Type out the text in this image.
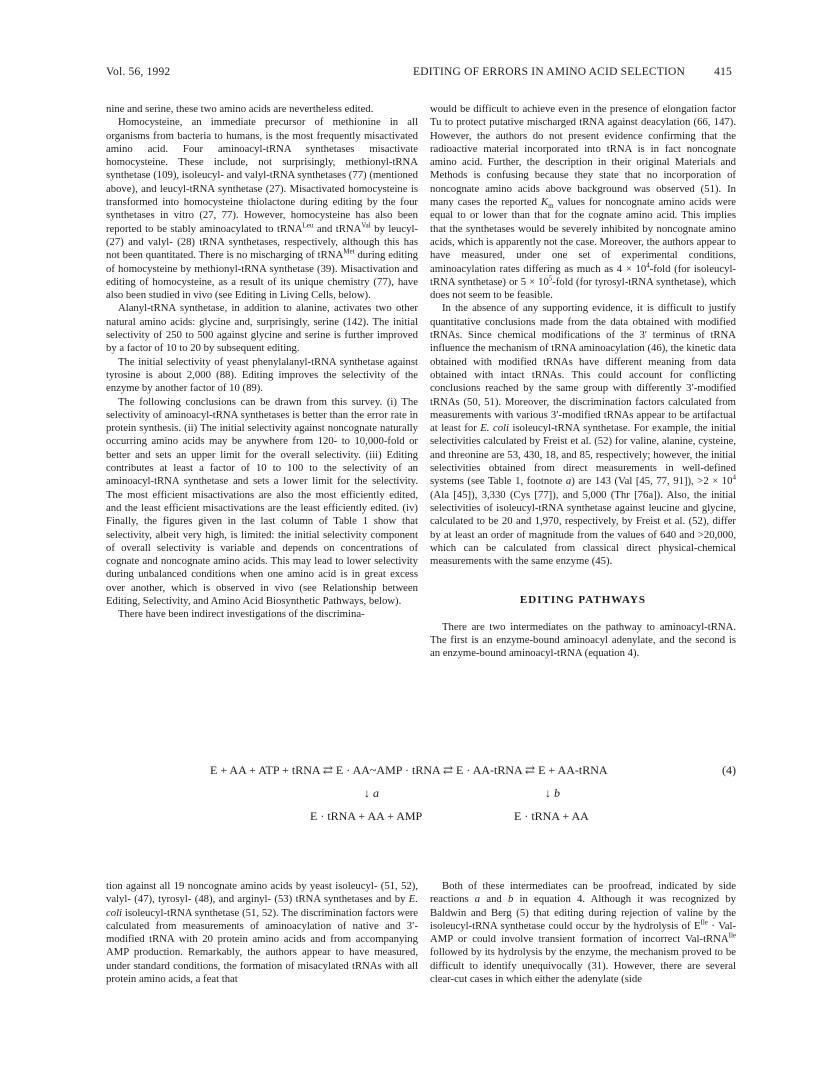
Vol. 56, 1992	EDITING OF ERRORS IN AMINO ACID SELECTION	415

nine and serine, these two amino acids are nevertheless edited.

Homocysteine, an immediate precursor of methionine in all organisms from bacteria to humans, is the most frequently misactivated amino acid. Four aminoacyl-tRNA synthetases misactivate homocysteine. These include, not surprisingly, methionyl-tRNA synthetase (109), isoleucyl- and valyl-tRNA synthetases (77) (mentioned above), and leucyl-tRNA synthetase (27). Misactivated homocysteine is transformed into homocysteine thiolactone during editing by the four synthetases in vitro (27, 77). However, homocysteine has also been reported to be stably aminoacylated to tRNA$^{Leu}$ and tRNA$^{Val}$ by leucyl- (27) and valyl- (28) tRNA synthetases, respectively, although this has not been quantitated. There is no mischarging of tRNA$^{Met}$ during editing of homocysteine by methionyl-tRNA synthetase (39). Misactivation and editing of homocysteine, as a result of its unique chemistry (77), have also been studied in vivo (see Editing in Living Cells, below).

Alanyl-tRNA synthetase, in addition to alanine, activates two other natural amino acids: glycine and, surprisingly, serine (142). The initial selectivity of 250 to 500 against glycine and serine is further improved by a factor of 10 to 20 by subsequent editing.

The initial selectivity of yeast phenylalanyl-tRNA synthetase against tyrosine is about 2,000 (88). Editing improves the selectivity of the enzyme by another factor of 10 (89).

The following conclusions can be drawn from this survey. (i) The selectivity of aminoacyl-tRNA synthetases is better than the error rate in protein synthesis. (ii) The initial selectivity against noncognate naturally occurring amino acids may be anywhere from 120- to 10,000-fold or better and sets an upper limit for the overall selectivity. (iii) Editing contributes at least a factor of 10 to 100 to the selectivity of an aminoacyl-tRNA synthetase and sets a lower limit for the selectivity. The most efficient misactivations are also the most efficiently edited, and the least efficient misactivations are the least efficiently edited. (iv) Finally, the figures given in the last column of Table 1 show that selectivity, albeit very high, is limited: the initial selectivity component of overall selectivity is variable and depends on concentrations of cognate and noncognate amino acids. This may lead to lower selectivity during unbalanced conditions when one amino acid is in great excess over another, which is observed in vivo (see Relationship between Editing, Selectivity, and Amino Acid Biosynthetic Pathways, below).

There have been indirect investigations of the discrimina-

would be difficult to achieve even in the presence of elongation factor Tu to protect putative mischarged tRNA against deacylation (66, 147). However, the authors do not present evidence confirming that the radioactive material incorporated into tRNA is in fact noncognate amino acid. Further, the description in their original Materials and Methods is confusing because they state that no incorporation of noncognate amino acids above background was observed (51). In many cases the reported $K_m$ values for noncognate amino acids were equal to or lower than that for the cognate amino acid. This implies that the synthetases would be severely inhibited by noncognate amino acids, which is apparently not the case. Moreover, the authors appear to have measured, under one set of experimental conditions, aminoacylation rates differing as much as $4 \times 10^4$-fold (for isoleucyl-tRNA synthetase) or $5 \times 10^5$-fold (for tyrosyl-tRNA synthetase), which does not seem to be feasible.

In the absence of any supporting evidence, it is difficult to justify quantitative conclusions made from the data obtained with modified tRNAs. Since chemical modifications of the 3′ terminus of tRNA influence the mechanism of tRNA aminoacylation (46), the kinetic data obtained with modified tRNAs have different meaning from data obtained with intact tRNAs. This could account for conflicting conclusions reached by the same group with differently 3′-modified tRNAs (50, 51). Moreover, the discrimination factors calculated from measurements with various 3′-modified tRNAs appear to be artifactual at least for E. coli isoleucyl-tRNA synthetase. For example, the initial selectivities calculated by Freist et al. (52) for valine, alanine, cysteine, and threonine are 53, 430, 18, and 85, respectively; however, the initial selectivities obtained from direct measurements in well-defined systems (see Table 1, footnote a) are 143 (Val [45, 77, 91]), $>2 \times 10^4$ (Ala [45]), 3,330 (Cys [77]), and 5,000 (Thr [76a]). Also, the initial selectivities of isoleucyl-tRNA synthetase against leucine and glycine, calculated to be 20 and 1,970, respectively, by Freist et al. (52), differ by at least an order of magnitude from the values of 640 and >20,000, which can be calculated from classical direct physical-chemical measurements with the same enzyme (45).

EDITING PATHWAYS

There are two intermediates on the pathway to aminoacyl-tRNA. The first is an enzyme-bound aminoacyl adenylate, and the second is an enzyme-bound aminoacyl-tRNA (equation 4).

E + AA + ATP + tRNA ⇄ E · AA~AMP · tRNA ⇄ E · AA-tRNA ⇄ E + AA-tRNA	(4)
↓ a	↓ b
E · tRNA + AA + AMP	E · tRNA + AA

tion against all 19 noncognate amino acids by yeast isoleucyl- (51, 52), valyl- (47), tyrosyl- (48), and arginyl- (53) tRNA synthetases and by E. coli isoleucyl-tRNA synthetase (51, 52). The discrimination factors were calculated from measurements of aminoacylation of native and 3′-modified tRNA with 20 protein amino acids and from accompanying AMP production. Remarkably, the authors appear to have measured, under standard conditions, the formation of misacylated tRNAs with all protein amino acids, a feat that

Both of these intermediates can be proofread, indicated by side reactions a and b in equation 4. Although it was recognized by Baldwin and Berg (5) that editing during rejection of valine by the isoleucyl-tRNA synthetase could occur by the hydrolysis of $E^{Ile} \cdot Val-AMP$ or could involve transient formation of incorrect Val-tRNA$^{Ile}$ followed by its hydrolysis by the enzyme, the mechanism proved to be difficult to identify unequivocally (31). However, there are several clear-cut cases in which either the adenylate (side
